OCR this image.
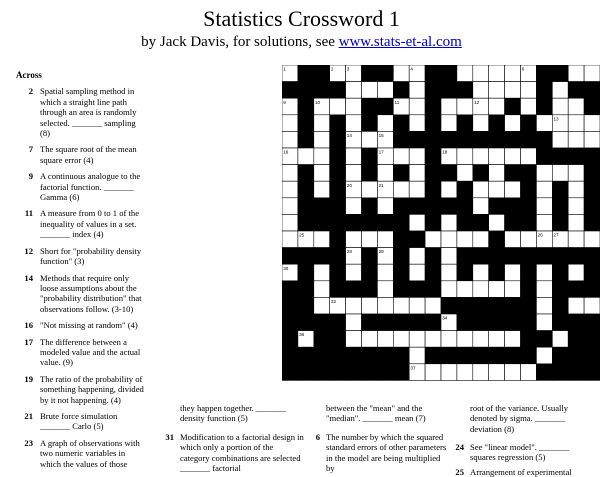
Statistics Crossword 1
by Jack Davis, for solutions, see www.stats-et-al.com
1	2	3	4	5	6
7	8
9	10	11	12
13
14	15
16	17	18
19
20	21
22
23	24
25	26 27
28	29
30
31
32	33
34	35
36
37
Across
2 Spatial sampling method in which a straight line path through an area is randomly selected. _______ sampling (8)
7 The square root of the mean square error (4)
9 A continuous analogue to the factorial function. _______ Gamma (6)
11 A measure from 0 to 1 of the inequality of values in a set. _______ index (4)
12 Short for "probability density function" (3)
14 Methods that require only loose assumptions about the "probability distribution" that observations follow. (3-10)
16 "Not missing at random" (4)
17 The difference between a modeled value and the actual value. (9)
19 The ratio of the probability of something happening, divided by it not happening. (4)
21 Brute force simulation _______ Carlo (5)
23 A graph of observations with two numeric variables in which the values of those
they happen together. _______ density function (5)
31 Modification to a factorial design in which only a portion of the category combinations are selected _______ factorial
between the "mean" and the "median". _______ mean (7)
6 The number by which the squared standard errors of other parameters in the model are being multiplied by
root of the variance. Usually denoted by sigma. _______ deviation (8)
24 See "linear model". _______ squares regression (5)
25 Arrangement of experimental
